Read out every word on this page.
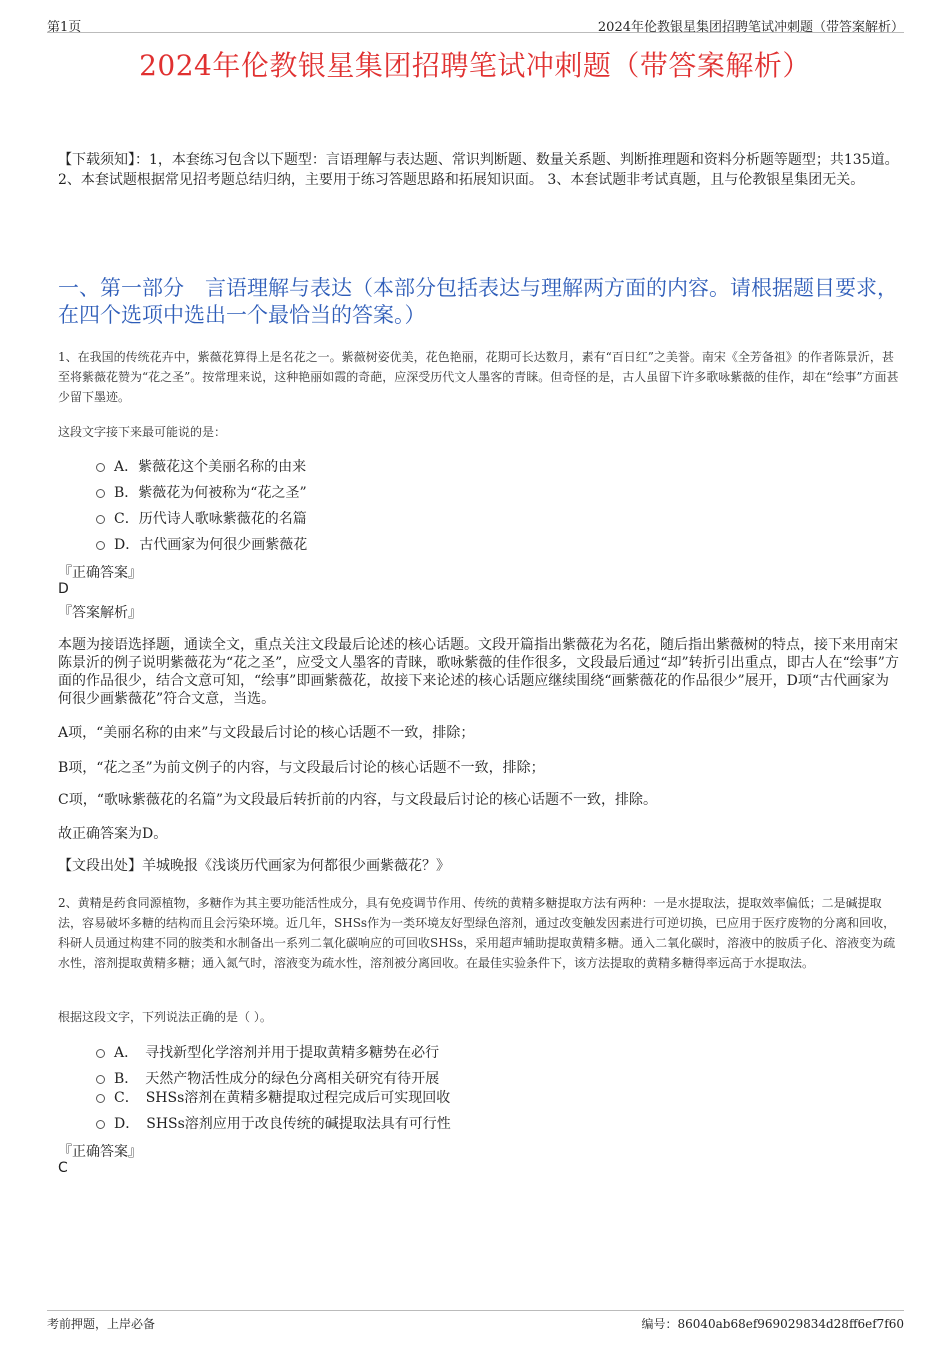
第1页	2024年伦教银星集团招聘笔试冲刺题（带答案解析）
2024年伦教银星集团招聘笔试冲刺题（带答案解析）
【下载须知】：1，本套练习包含以下题型：言语理解与表达题、常识判断题、数量关系题、判断推理题和资料分析题等题型；共135道。 2、本套试题根据常见招考题总结归纳，主要用于练习答题思路和拓展知识面。 3、本套试题非考试真题，且与伦教银星集团无关。
一、第一部分　言语理解与表达（本部分包括表达与理解两方面的内容。请根据题目要求，在四个选项中选出一个最恰当的答案。）
1、在我国的传统花卉中，紫薇花算得上是名花之一。紫薇树姿优美，花色艳丽，花期可长达数月，素有“百日红”之美誉。南宋《全芳备祖》的作者陈景沂，甚至将紫薇花赞为“花之圣”。按常理来说，这种艳丽如霞的奇葩，应深受历代文人墨客的青睐。但奇怪的是，古人虽留下许多歌咏紫薇的佳作，却在“绘事”方面甚少留下墨迹。
这段文字接下来最可能说的是：
A．紫薇花这个美丽名称的由来
B．紫薇花为何被称为“花之圣”
C．历代诗人歌咏紫薇花的名篇
D．古代画家为何很少画紫薇花
『正确答案』
D
『答案解析』
本题为接语选择题，通读全文，重点关注文段最后论述的核心话题。文段开篇指出紫薇花为名花，随后指出紫薇树的特点，接下来用南宋陈景沂的例子说明紫薇花为“花之圣”，应受文人墨客的青睐，歌咏紫薇的佳作很多，文段最后通过“却”转折引出重点，即古人在“绘事”方面的作品很少，结合文意可知，“绘事”即画紫薇花，故接下来论述的核心话题应继续围绕“画紫薇花的作品很少”展开，D项“古代画家为何很少画紫薇花”符合文意，当选。
A项，“美丽名称的由来”与文段最后讨论的核心话题不一致，排除；
B项，“花之圣”为前文例子的内容，与文段最后讨论的核心话题不一致，排除；
C项，“歌咏紫薇花的名篇”为文段最后转折前的内容，与文段最后讨论的核心话题不一致，排除。
故正确答案为D。
【文段出处】羊城晚报《浅谈历代画家为何都很少画紫薇花？》
2、黄精是药食同源植物，多糖作为其主要功能活性成分，具有免疫调节作用、传统的黄精多糖提取方法有两种：一是水提取法，提取效率偏低；二是碱提取法，容易破坏多糖的结构而且会污染环境。近几年，SHSs作为一类环境友好型绿色溶剂，通过改变触发因素进行可逆切换，已应用于医疗废物的分离和回收，科研人员通过构建不同的胺类和水制备出一系列二氧化碳响应的可回收SHSs，采用超声辅助提取黄精多糖。通入二氧化碳时，溶液中的胺质子化、溶液变为疏水性，溶剂提取黄精多糖；通入氮气时，溶液变为疏水性，溶剂被分离回收。在最佳实验条件下，该方法提取的黄精多糖得率远高于水提取法。
根据这段文字，下列说法正确的是（ ）。
A．　寻找新型化学溶剂并用于提取黄精多糖势在必行
B．　天然产物活性成分的绿色分离相关研究有待开展
C．　SHSs溶剂在黄精多糖提取过程完成后可实现回收
D．　SHSs溶剂应用于改良传统的碱提取法具有可行性
『正确答案』
C
考前押题，上岸必备	编号：86040ab68ef969029834d28ff6ef7f60
